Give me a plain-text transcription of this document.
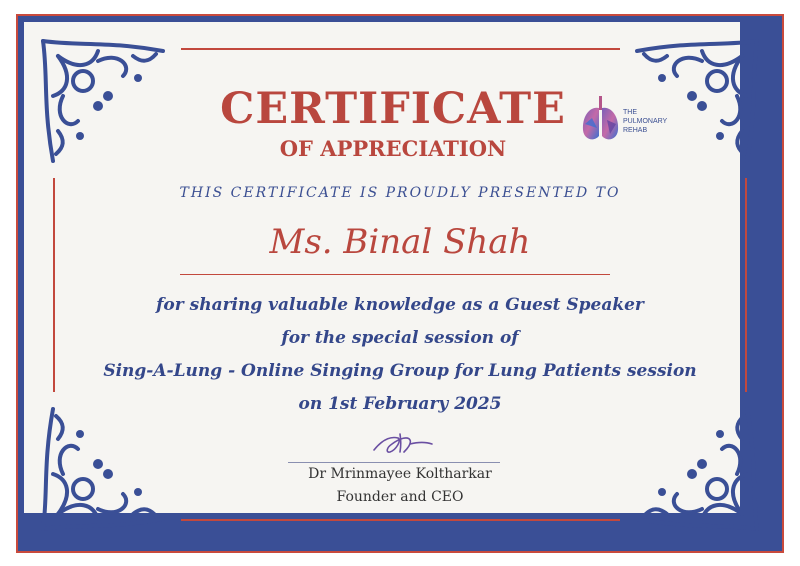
CERTIFICATE
OF APPRECIATION
THE
PULMONARY
REHAB
THIS CERTIFICATE IS PROUDLY PRESENTED TO
Ms. Binal Shah
for sharing valuable knowledge as a Guest Speaker
for the special session of
Sing-A-Lung - Online Singing Group for Lung Patients session
on 1st February 2025
Dr Mrinmayee Koltharkar
Founder and CEO
